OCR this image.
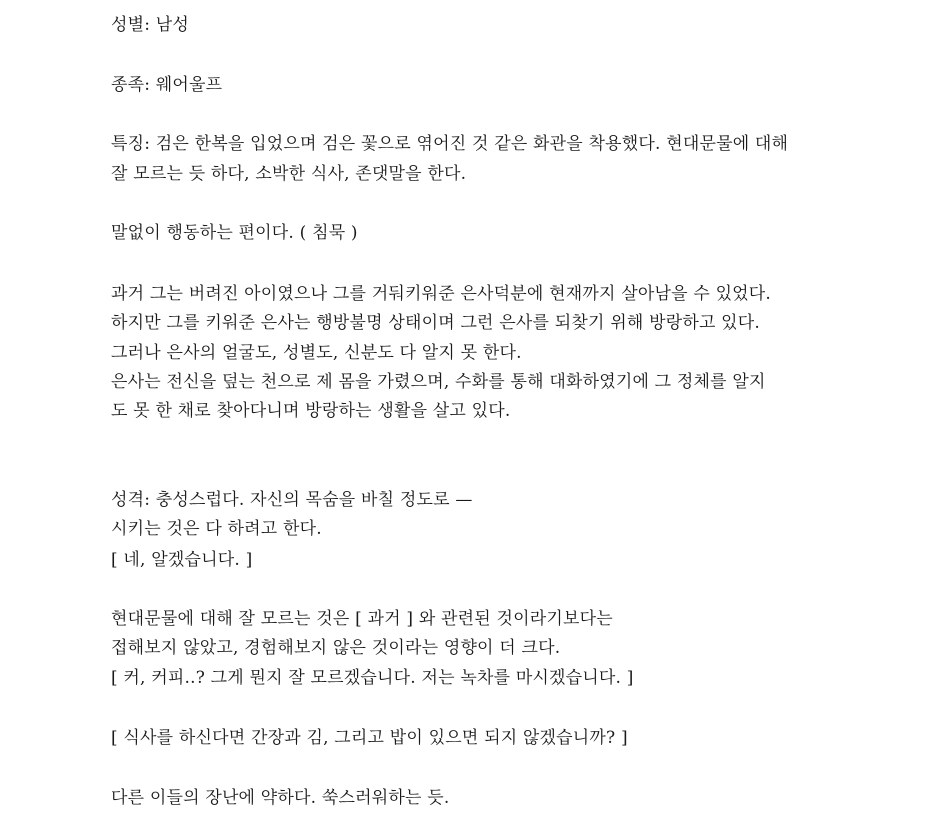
성별: 남성
종족: 웨어울프
특징: 검은 한복을 입었으며 검은 꽃으로 엮어진 것 같은 화관을 착용했다. 현대문물에 대해
잘 모르는 듯 하다, 소박한 식사, 존댓말을 한다.
말없이 행동하는 편이다. ( 침묵 )
과거 그는 버려진 아이였으나 그를 거둬키워준 은사덕분에 현재까지 살아남을 수 있었다.
하지만 그를 키워준 은사는 행방불명 상태이며 그런 은사를 되찾기 위해 방랑하고 있다.
그러나 은사의 얼굴도, 성별도, 신분도 다 알지 못 한다.
은사는 전신을 덮는 천으로 제 몸을 가렸으며, 수화를 통해 대화하였기에 그 정체를 알지
도 못 한 채로 찾아다니며 방랑하는 생활을 살고 있다.
성격: 충성스럽다. 자신의 목숨을 바칠 정도로 —
시키는 것은 다 하려고 한다.
[ 네, 알겠습니다. ]
현대문물에 대해 잘 모르는 것은 [ 과거 ] 와 관련된 것이라기보다는
접해보지 않았고, 경험해보지 않은 것이라는 영향이 더 크다.
[ 커, 커피..? 그게 뭔지 잘 모르겠습니다. 저는 녹차를 마시겠습니다. ]
[ 식사를 하신다면 간장과 김, 그리고 밥이 있으면 되지 않겠습니까? ]
다른 이들의 장난에 약하다. 쑥스러워하는 듯.
